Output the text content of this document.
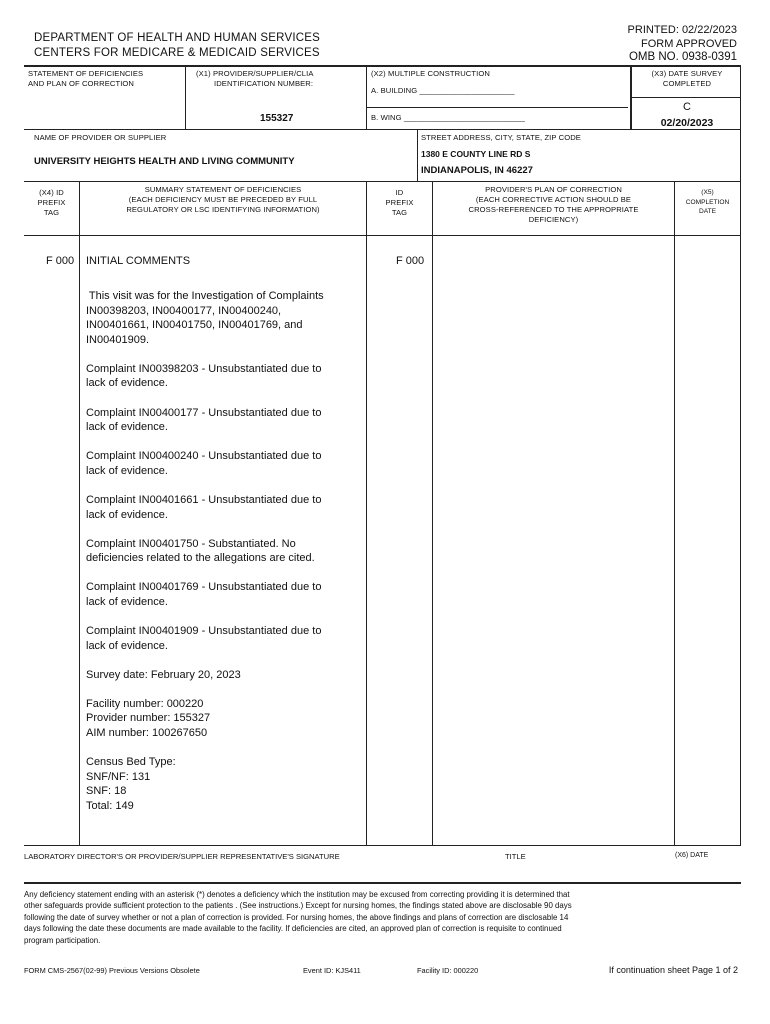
DEPARTMENT OF HEALTH AND HUMAN SERVICES
CENTERS FOR MEDICARE & MEDICAID SERVICES
PRINTED: 02/22/2023
FORM APPROVED
OMB NO. 0938-0391
STATEMENT OF DEFICIENCIES
AND PLAN OF CORRECTION
(X1) PROVIDER/SUPPLIER/CLIA
IDENTIFICATION NUMBER:
155327
(X2) MULTIPLE CONSTRUCTION
A. BUILDING ______________________
B. WING ____________________________
(X3) DATE SURVEY
COMPLETED
C
02/20/2023
NAME OF PROVIDER OR SUPPLIER
UNIVERSITY HEIGHTS HEALTH AND LIVING COMMUNITY
STREET ADDRESS, CITY, STATE, ZIP CODE
1380 E COUNTY LINE RD S
INDIANAPOLIS, IN 46227
(X4) ID
PREFIX
TAG
SUMMARY STATEMENT OF DEFICIENCIES
(EACH DEFICIENCY MUST BE PRECEDED BY FULL
REGULATORY OR LSC IDENTIFYING INFORMATION)
ID
PREFIX
TAG
PROVIDER'S PLAN OF CORRECTION
(EACH CORRECTIVE ACTION SHOULD BE
CROSS-REFERENCED TO THE APPROPRIATE
DEFICIENCY)
(X5)
COMPLETION
DATE
F 000 INITIAL COMMENTS	F 000
This visit was for the Investigation of Complaints
IN00398203, IN00400177, IN00400240,
IN00401661, IN00401750, IN00401769, and
IN00401909.
Complaint IN00398203 - Unsubstantiated due to
lack of evidence.
Complaint IN00400177 - Unsubstantiated due to
lack of evidence.
Complaint IN00400240 - Unsubstantiated due to
lack of evidence.
Complaint IN00401661 - Unsubstantiated due to
lack of evidence.
Complaint IN00401750 - Substantiated. No
deficiencies related to the allegations are cited.
Complaint IN00401769 - Unsubstantiated due to
lack of evidence.
Complaint IN00401909 - Unsubstantiated due to
lack of evidence.
Survey date: February 20, 2023
Facility number: 000220
Provider number: 155327
AIM number: 100267650
Census Bed Type:
SNF/NF: 131
SNF: 18
Total: 149
LABORATORY DIRECTOR'S OR PROVIDER/SUPPLIER REPRESENTATIVE'S SIGNATURE	TITLE	(X6) DATE
Any deficiency statement ending with an asterisk (*) denotes a deficiency which the institution may be excused from correcting providing it is determined that
other safeguards provide sufficient protection to the patients . (See instructions.) Except for nursing homes, the findings stated above are disclosable 90 days
following the date of survey whether or not a plan of correction is provided. For nursing homes, the above findings and plans of correction are disclosable 14
days following the date these documents are made available to the facility. If deficiencies are cited, an approved plan of correction is requisite to continued
program participation.
FORM CMS-2567(02-99) Previous Versions Obsolete	Event ID: KJS411	Facility ID: 000220	If continuation sheet Page 1 of 2
